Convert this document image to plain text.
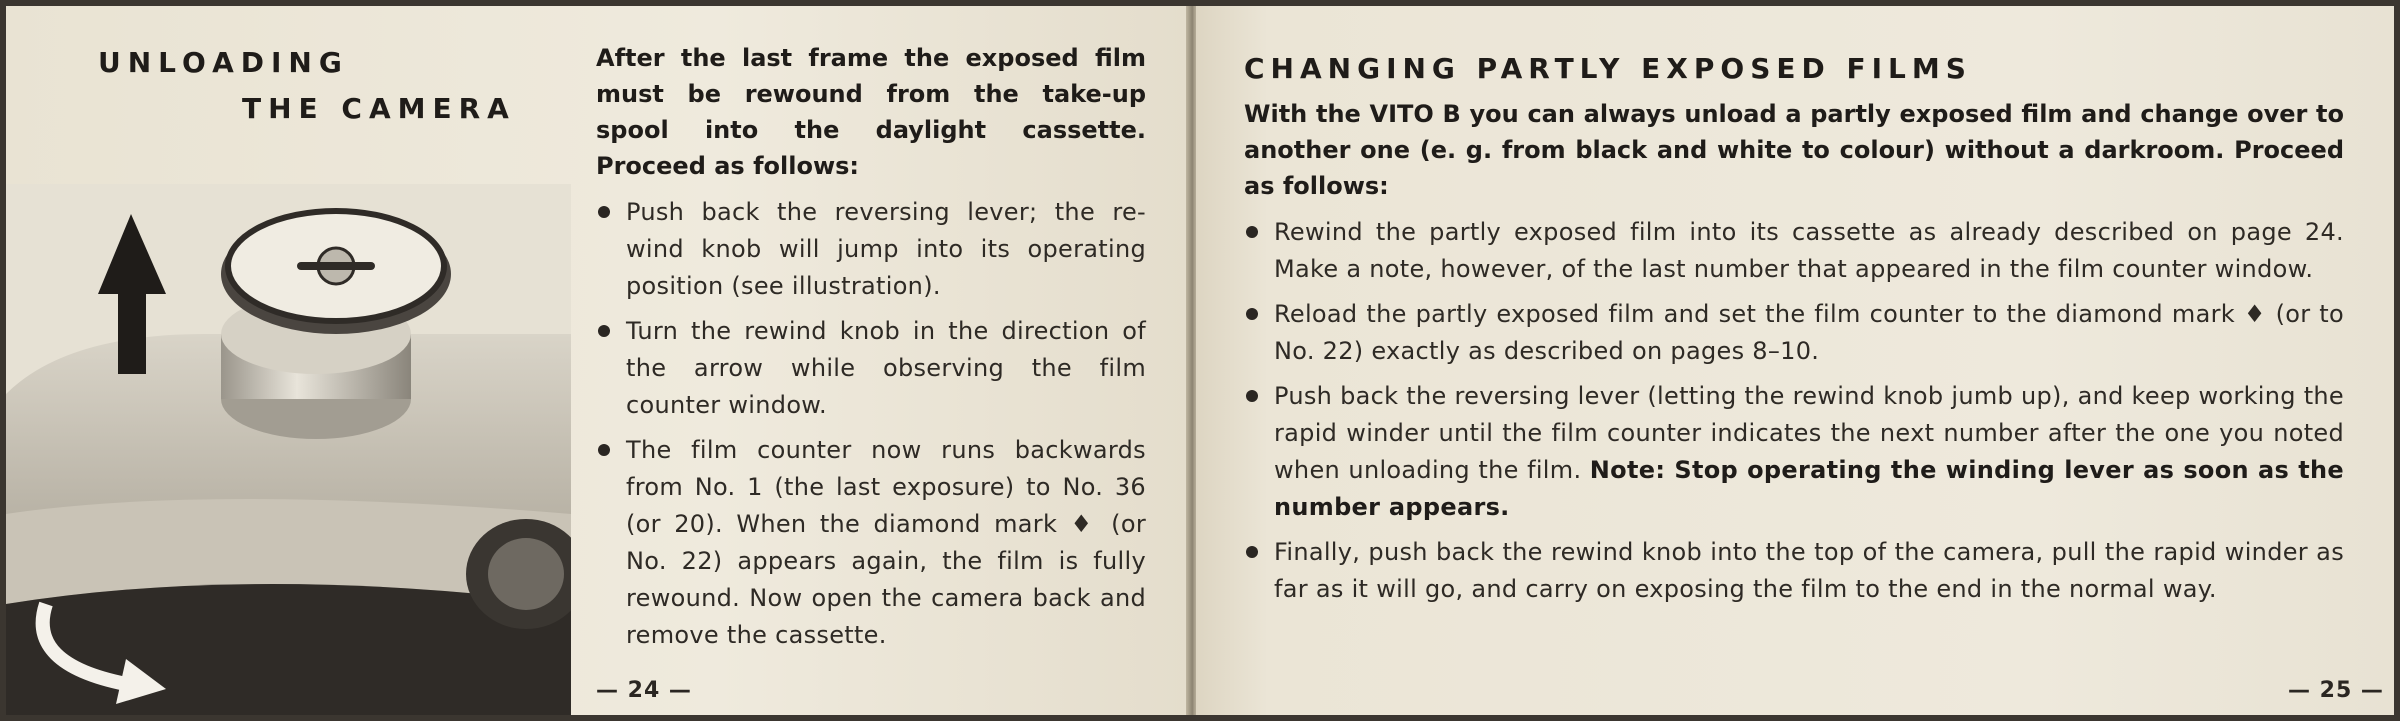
UNLOADING
THE CAMERA

After the last frame the exposed film must be rewound from the take-up spool into the daylight cassette. Proceed as follows:

Push back the reversing lever; the re-wind knob will jump into its operating position (see illustration).
Turn the rewind knob in the direction of the arrow while observing the film counter window.
The film counter now runs backwards from No. 1 (the last exposure) to No. 36 (or 20). When the diamond mark ♦ (or No. 22) appears again, the film is fully rewound. Now open the camera back and remove the cassette.
— 24 —
CHANGING PARTLY EXPOSED FILMS

With the VITO B you can always unload a partly exposed film and change over to another one (e. g. from black and white to colour) without a darkroom. Proceed as follows:

Rewind the partly exposed film into its cassette as already described on page 24. Make a note, however, of the last number that appeared in the film counter window.
Reload the partly exposed film and set the film counter to the diamond mark ♦ (or to No. 22) exactly as described on pages 8–10.
Push back the reversing lever (letting the rewind knob jumb up), and keep working the rapid winder until the film counter indicates the next number after the one you noted when unloading the film. Note: Stop operating the winding lever as soon as the number appears.
Finally, push back the rewind knob into the top of the camera, pull the rapid winder as far as it will go, and carry on exposing the film to the end in the normal way.
— 25 —
